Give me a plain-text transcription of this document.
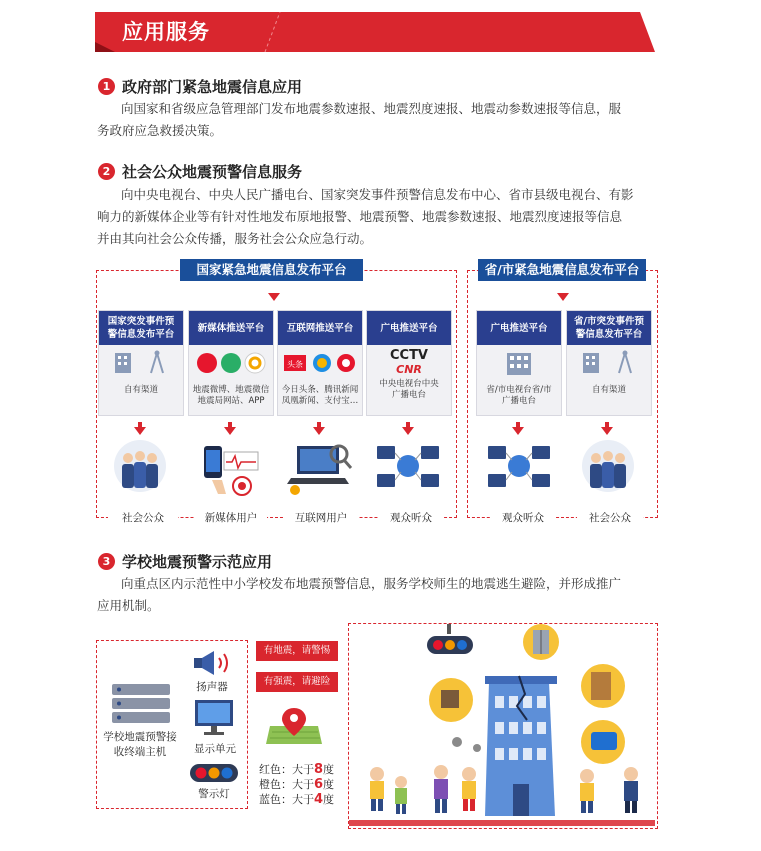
应用服务
1 政府部门紧急地震信息应用
向国家和省级应急管理部门发布地震参数速报、地震烈度速报、地震动参数速报等信息，服
务政府应急救援决策。
2 社会公众地震预警信息服务
向中央电视台、中央人民广播电台、国家突发事件预警信息发布中心、省市县级电视台、有影
响力的新媒体企业等有针对性地发布原地报警、地震预警、地震参数速报、地震烈度速报等信息
并由其向社会公众传播，服务社会公众应急行动。
国家紧急地震信息发布平台
国家突发事件预警信息发布平台
自有渠道
新媒体推送平台
地震微博、地震微信地震局网站、APP
互联网推送平台
头条
今日头条、腾讯新闻凤凰新闻、支付宝…
广电推送平台
CCTV
CNR
中央电视台中央广播电台
社会公众	新媒体用户	互联网用户	观众听众
省/市紧急地震信息发布平台
广电推送平台
省/市电视台省/市广播电台
省/市突发事件预警信息发布平台
自有渠道
观众听众	社会公众
3 学校地震预警示范应用
向重点区内示范性中小学校发布地震预警信息，服务学校师生的地震逃生避险，并形成推广
应用机制。
学校地震预警接收终端主机
扬声器
显示单元
警示灯
有地震，请警惕
有强震，请避险
红色：大于8度
橙色：大于6度
蓝色：大于4度
